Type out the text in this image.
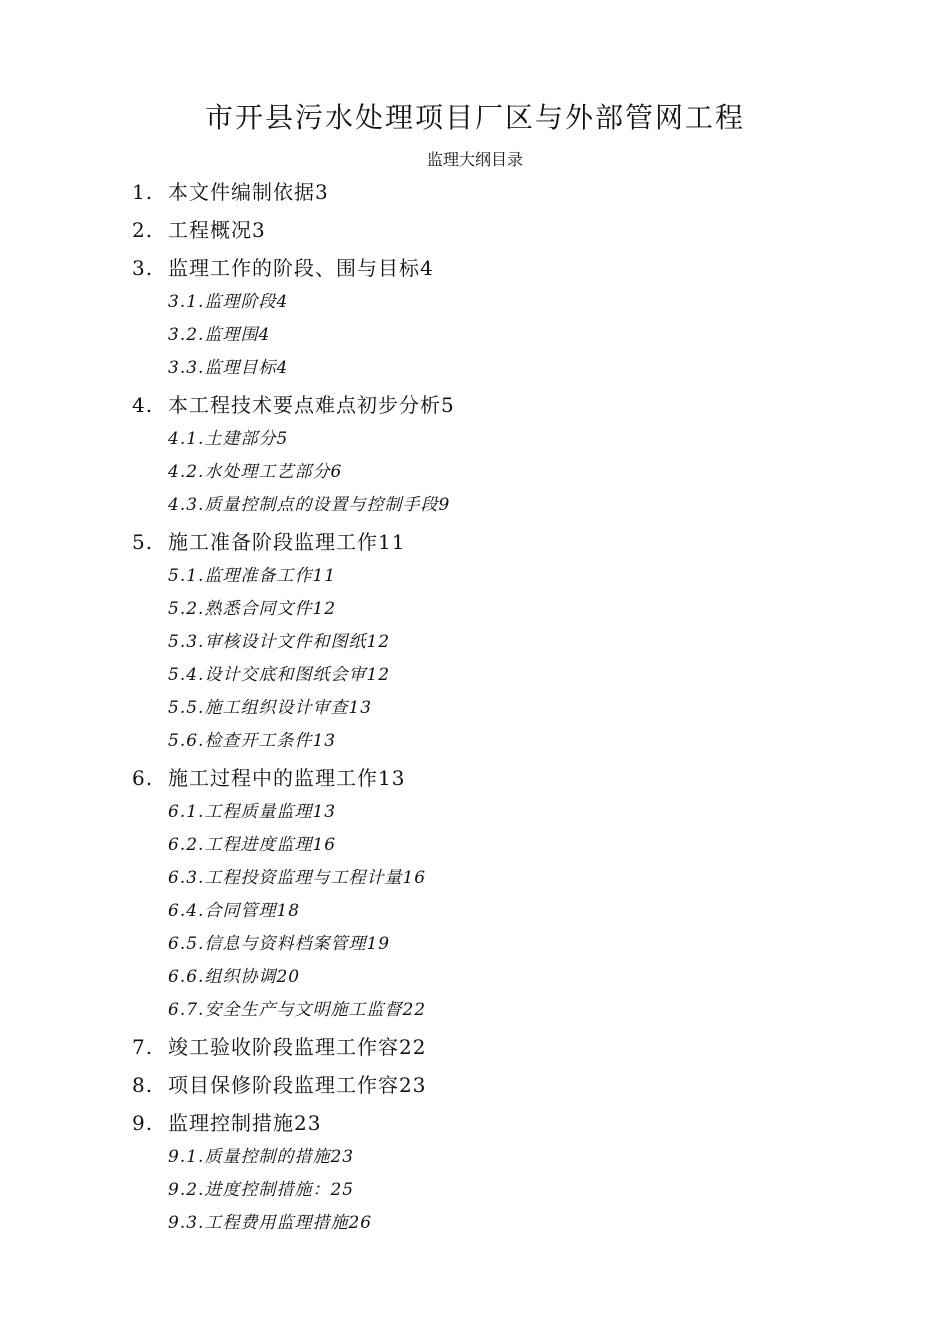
市开县污水处理项目厂区与外部管网工程
监理大纲目录
1. 本文件编制依据3
2. 工程概况3
3. 监理工作的阶段、围与目标4
3.1.监理阶段4
3.2.监理围4
3.3.监理目标4
4. 本工程技术要点难点初步分析5
4.1.土建部分5
4.2.水处理工艺部分6
4.3.质量控制点的设置与控制手段9
5. 施工准备阶段监理工作11
5.1.监理准备工作11
5.2.熟悉合同文件12
5.3.审核设计文件和图纸12
5.4.设计交底和图纸会审12
5.5.施工组织设计审查13
5.6.检查开工条件13
6. 施工过程中的监理工作13
6.1.工程质量监理13
6.2.工程进度监理16
6.3.工程投资监理与工程计量16
6.4.合同管理18
6.5.信息与资料档案管理19
6.6.组织协调20
6.7.安全生产与文明施工监督22
7. 竣工验收阶段监理工作容22
8. 项目保修阶段监理工作容23
9. 监理控制措施23
9.1.质量控制的措施23
9.2.进度控制措施：25
9.3.工程费用监理措施26
